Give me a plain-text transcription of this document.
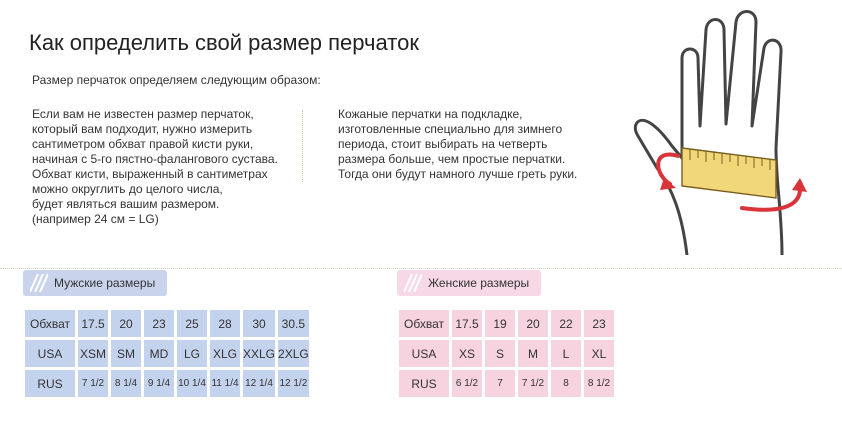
Как определить свой размер перчаток
Размер перчаток определяем следующим образом:
Если вам не известен размер перчаток,
который вам подходит, нужно измерить
сантиметром обхват правой кисти руки,
начиная с 5-го пястно-фалангового сустава.
Обхват кисти, выраженный в сантиметрах
можно округлить до целого числа,
будет являться вашим размером.
(например 24 см = LG)
Кожаные перчатки на подкладке,
изготовленные специально для зимнего
периода, стоит выбирать на четверть
размера больше, чем простые перчатки.
Тогда они будут намного лучше греть руки.
Мужские размеры
Обхват	17.5	20	23	25	28	30	30.5
USA	XSM	SM	MD	LG	XLG	XXLG	2XLG
RUS	7 1/2	8 1/4	9 1/4	10 1/4	11 1/4	12 1/4	12 1/2
Женские размеры
Обхват	17.5	19	20	22	23
USA	XS	S	M	L	XL
RUS	6 1/2	7	7 1/2	8	8 1/2
